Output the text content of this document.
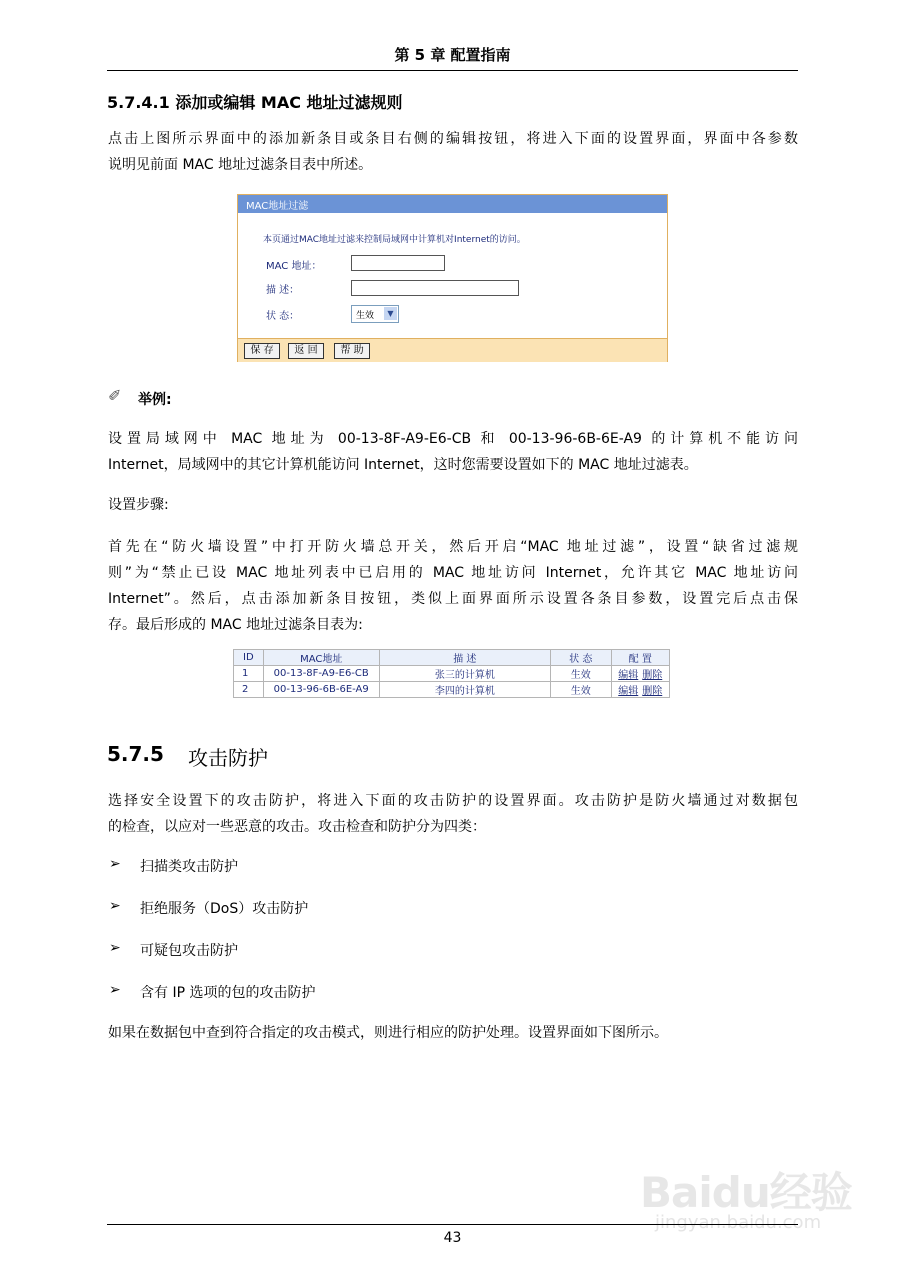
第 5 章 配置指南
5.7.4.1 添加或编辑 MAC 地址过滤规则
点击上图所示界面中的添加新条目或条目右侧的编辑按钮，将进入下面的设置界面，界面中各参数
说明见前面 MAC 地址过滤条目表中所述。
MAC地址过滤
本页通过MAC地址过滤来控制局域网中计算机对Internet的访问。
MAC 地址：
描 述：
状 态：	生效	▼
保 存	返 回	帮 助
✐ 举例:
设置局域网中 MAC 地址为 00-13-8F-A9-E6-CB 和 00-13-96-6B-6E-A9 的计算机不能访问
Internet，局域网中的其它计算机能访问 Internet，这时您需要设置如下的 MAC 地址过滤表。
设置步骤:
首先在“防火墙设置”中打开防火墙总开关，然后开启“MAC 地址过滤”，设置“缺省过滤规
则”为“禁止已设 MAC 地址列表中已启用的 MAC 地址访问 Internet，允许其它 MAC 地址访问
Internet”。然后，点击添加新条目按钮，类似上面界面所示设置各条目参数，设置完后点击保
存。最后形成的 MAC 地址过滤条目表为:
ID	MAC地址	描 述	状 态	配 置
1	00-13-8F-A9-E6-CB	张三的计算机	生效	编辑 删除
2	00-13-96-6B-6E-A9	李四的计算机	生效	编辑 删除
5.7.5 攻击防护
选择安全设置下的攻击防护，将进入下面的攻击防护的设置界面。攻击防护是防火墙通过对数据包
的检查，以应对一些恶意的攻击。攻击检查和防护分为四类：
➢ 扫描类攻击防护
➢ 拒绝服务（DoS）攻击防护
➢ 可疑包攻击防护
➢ 含有 IP 选项的包的攻击防护
如果在数据包中查到符合指定的攻击模式，则进行相应的防护处理。设置界面如下图所示。
Baidu经验
jingyan.baidu.com
43
